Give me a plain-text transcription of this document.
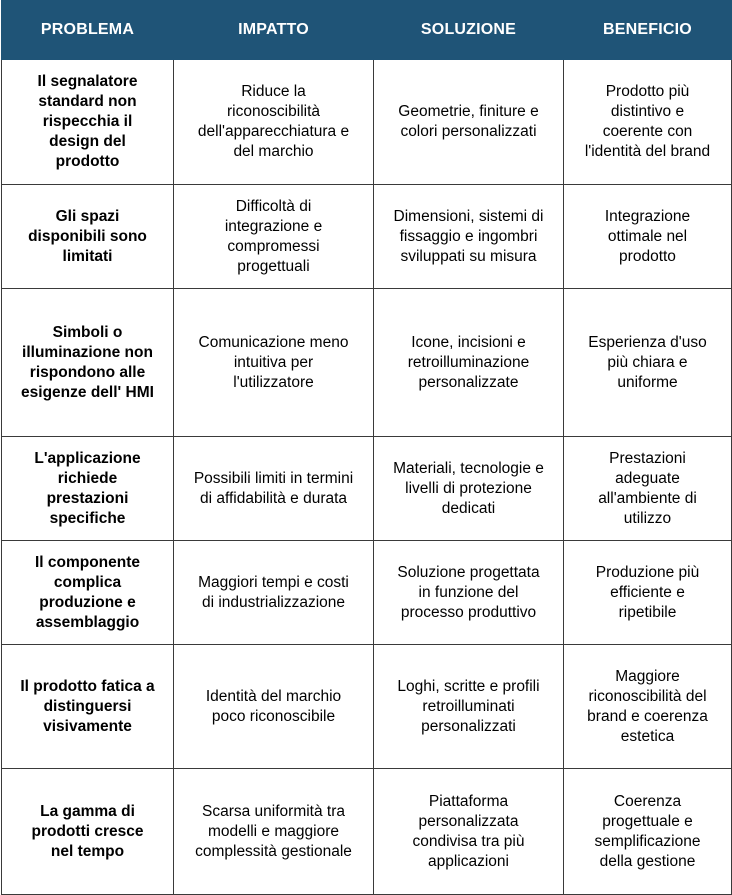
PROBLEMA	IMPATTO	SOLUZIONE	BENEFICIO

Il segnalatore
standard non
rispecchia il
design del
prodotto	Riduce la
riconoscibilità
dell'apparecchiatura e
del marchio	Geometrie, finiture e
colori personalizzati	Prodotto più
distintivo e
coerente con
l'identità del brand

Gli spazi
disponibili sono
limitati	Difficoltà di
integrazione e
compromessi
progettuali	Dimensioni, sistemi di
fissaggio e ingombri
sviluppati su misura	Integrazione
ottimale nel
prodotto

Simboli o
illuminazione non
rispondono alle
esigenze dell' HMI	Comunicazione meno
intuitiva per
l'utilizzatore	Icone, incisioni e
retroilluminazione
personalizzate	Esperienza d'uso
più chiara e
uniforme

L'applicazione
richiede
prestazioni
specifiche	Possibili limiti in termini
di affidabilità e durata	Materiali, tecnologie e
livelli di protezione
dedicati	Prestazioni
adeguate
all'ambiente di
utilizzo

Il componente
complica
produzione e
assemblaggio	Maggiori tempi e costi
di industrializzazione	Soluzione progettata
in funzione del
processo produttivo	Produzione più
efficiente e
ripetibile

Il prodotto fatica a
distinguersi
visivamente	Identità del marchio
poco riconoscibile	Loghi, scritte e profili
retroilluminati
personalizzati	Maggiore
riconoscibilità del
brand e coerenza
estetica

La gamma di
prodotti cresce
nel tempo	Scarsa uniformità tra
modelli e maggiore
complessità gestionale	Piattaforma
personalizzata
condivisa tra più
applicazioni	Coerenza
progettuale e
semplificazione
della gestione
